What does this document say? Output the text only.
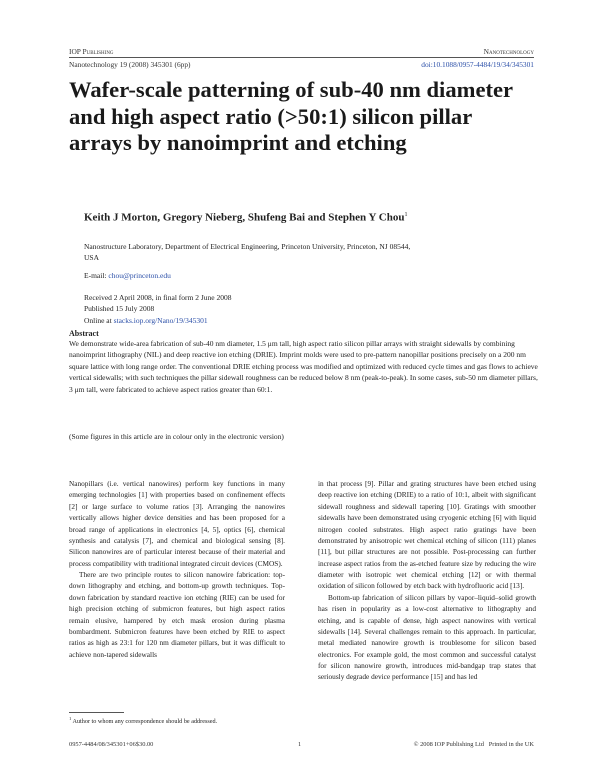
IOP Publishing	Nanotechnology
Nanotechnology 19 (2008) 345301 (6pp)	doi:10.1088/0957-4484/19/34/345301
Wafer-scale patterning of sub-40 nm diameter and high aspect ratio (>50:1) silicon pillar arrays by nanoimprint and etching
Keith J Morton, Gregory Nieberg, Shufeng Bai and Stephen Y Chou$^1$
Nanostructure Laboratory, Department of Electrical Engineering, Princeton University, Princeton, NJ 08544, USA
E-mail: chou@princeton.edu
Received 2 April 2008, in final form 2 June 2008
Published 15 July 2008
Online at stacks.iop.org/Nano/19/345301
Abstract

We demonstrate wide-area fabrication of sub-40 nm diameter, 1.5 μm tall, high aspect ratio silicon pillar arrays with straight sidewalls by combining nanoimprint lithography (NIL) and deep reactive ion etching (DRIE). Imprint molds were used to pre-pattern nanopillar positions precisely on a 200 nm square lattice with long range order. The conventional DRIE etching process was modified and optimized with reduced cycle times and gas flows to achieve vertical sidewalls; with such techniques the pillar sidewall roughness can be reduced below 8 nm (peak-to-peak). In some cases, sub-50 nm diameter pillars, 3 μm tall, were fabricated to achieve aspect ratios greater than 60:1.

(Some figures in this article are in colour only in the electronic version)

Nanopillars (i.e. vertical nanowires) perform key functions in many emerging technologies [1] with properties based on confinement effects [2] or large surface to volume ratios [3]. Arranging the nanowires vertically allows higher device densities and has been proposed for a broad range of applications in electronics [4, 5], optics [6], chemical synthesis and catalysis [7], and chemical and biological sensing [8]. Silicon nanowires are of particular interest because of their material and process compatibility with traditional integrated circuit devices (CMOS).

There are two principle routes to silicon nanowire fabrication: top-down lithography and etching, and bottom-up growth techniques. Top-down fabrication by standard reactive ion etching (RIE) can be used for high precision etching of submicron features, but high aspect ratios remain elusive, hampered by etch mask erosion during plasma bombardment. Submicron features have been etched by RIE to aspect ratios as high as 23:1 for 120 nm diameter pillars, but it was difficult to achieve non-tapered sidewalls

in that process [9]. Pillar and grating structures have been etched using deep reactive ion etching (DRIE) to a ratio of 10:1, albeit with significant sidewall roughness and sidewall tapering [10]. Gratings with smoother sidewalls have been demonstrated using cryogenic etching [6] with liquid nitrogen cooled substrates. High aspect ratio gratings have been demonstrated by anisotropic wet chemical etching of silicon (111) planes [11], but pillar structures are not possible. Post-processing can further increase aspect ratios from the as-etched feature size by reducing the wire diameter with isotropic wet chemical etching [12] or with thermal oxidation of silicon followed by etch back with hydrofluoric acid [13].

Bottom-up fabrication of silicon pillars by vapor–liquid–solid growth has risen in popularity as a low-cost alternative to lithography and etching, and is capable of dense, high aspect nanowires with vertical sidewalls [14]. Several challenges remain to this approach. In particular, metal mediated nanowire growth is troublesome for silicon based electronics. For example gold, the most common and successful catalyst for silicon nanowire growth, introduces mid-bandgap trap states that seriously degrade device performance [15] and has led

$^1$ Author to whom any correspondence should be addressed.
0957-4484/08/345301+06$30.00	1	© 2008 IOP Publishing Ltd   Printed in the UK
